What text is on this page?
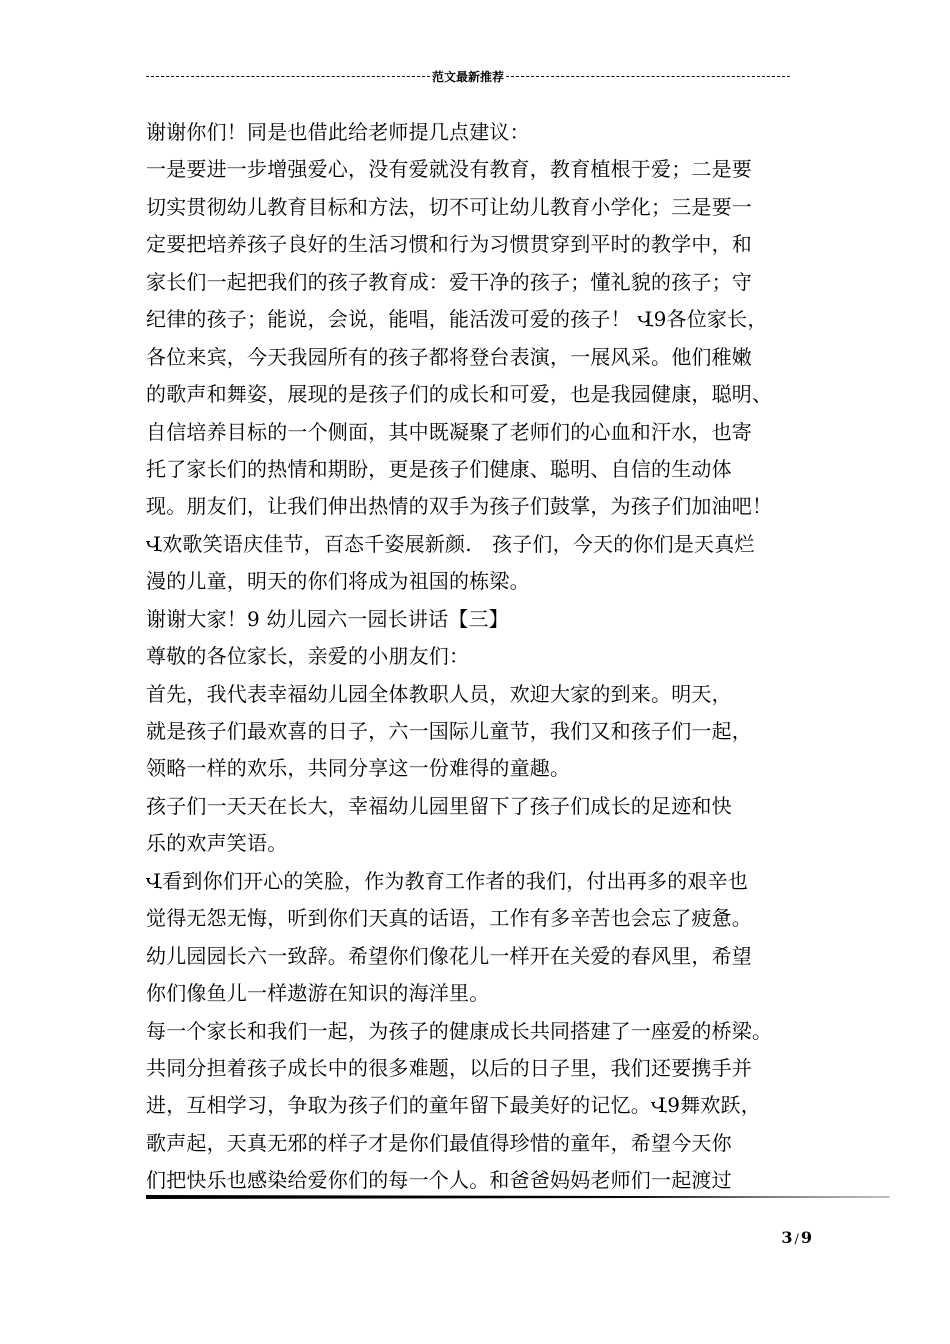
范文最新推荐
谢谢你们！同是也借此给老师提几点建议：
一是要进一步增强爱心，没有爱就没有教育，教育植根于爱；二是要
切实贯彻幼儿教育目标和方法，切不可让幼儿教育小学化；三是要一
定要把培养孩子良好的生活习惯和行为习惯贯穿到平时的教学中，和
家长们一起把我们的孩子教育成：爱干净的孩子；懂礼貌的孩子；守
纪律的孩子；能说，会说，能唱，能活泼可爱的孩子！ Վ9各位家长，
各位来宾，今天我园所有的孩子都将登台表演，一展风采。他们稚嫩
的歌声和舞姿，展现的是孩子们的成长和可爱，也是我园健康，聪明、
自信培养目标的一个侧面，其中既凝聚了老师们的心血和汗水，也寄
托了家长们的热情和期盼，更是孩子们健康、聪明、自信的生动体
现。朋友们，让我们伸出热情的双手为孩子们鼓掌，为孩子们加油吧！
Վ欢歌笑语庆佳节，百态千姿展新颜.　孩子们，今天的你们是天真烂
漫的儿童，明天的你们将成为祖国的栋梁。
谢谢大家！9 幼儿园六一园长讲话【三】
尊敬的各位家长，亲爱的小朋友们：
首先，我代表幸福幼儿园全体教职人员，欢迎大家的到来。明天，
就是孩子们最欢喜的日子，六一国际儿童节，我们又和孩子们一起，
领略一样的欢乐，共同分享这一份难得的童趣。
孩子们一天天在长大，幸福幼儿园里留下了孩子们成长的足迹和快
乐的欢声笑语。
Վ看到你们开心的笑脸，作为教育工作者的我们，付出再多的艰辛也
觉得无怨无悔，听到你们天真的话语，工作有多辛苦也会忘了疲惫。
幼儿园园长六一致辞。希望你们像花儿一样开在关爱的春风里，希望
你们像鱼儿一样遨游在知识的海洋里。
每一个家长和我们一起，为孩子的健康成长共同搭建了一座爱的桥梁。
共同分担着孩子成长中的很多难题，以后的日子里，我们还要携手并
进，互相学习，争取为孩子们的童年留下最美好的记忆。Վ9舞欢跃，
歌声起，天真无邪的样子才是你们最值得珍惜的童年，希望今天你
们把快乐也感染给爱你们的每一个人。和爸爸妈妈老师们一起渡过
3 / 9
